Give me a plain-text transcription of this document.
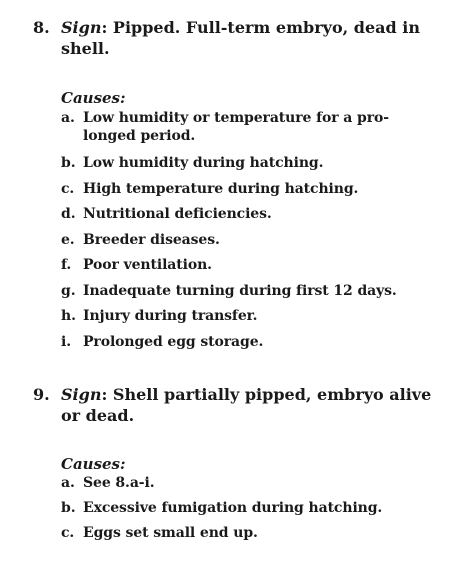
8. Sign: Pipped. Full-term embryo, dead in
shell.
Causes:
a. Low humidity or temperature for a pro-
longed period.
b. Low humidity during hatching.
c. High temperature during hatching.
d. Nutritional deficiencies.
e. Breeder diseases.
f. Poor ventilation.
g. Inadequate turning during first 12 days.
h. Injury during transfer.
i. Prolonged egg storage.
9. Sign: Shell partially pipped, embryo alive
or dead.
Causes:
a. See 8.a-i.
b. Excessive fumigation during hatching.
c. Eggs set small end up.
